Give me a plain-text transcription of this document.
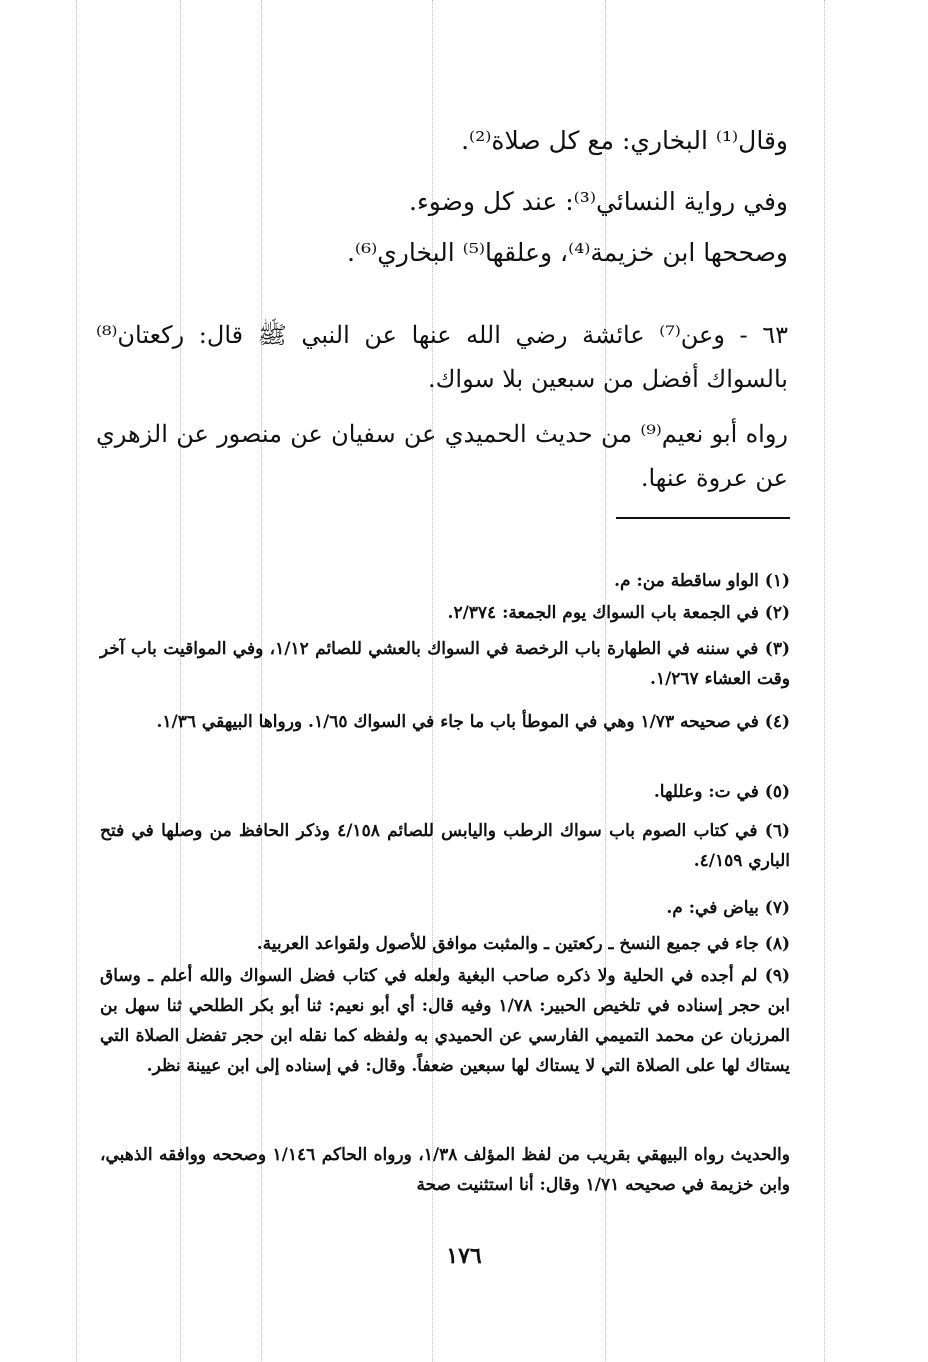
وقال⁽¹⁾ البخاري: مع كل صلاة⁽²⁾.
وفي رواية النسائي⁽³⁾: عند كل وضوء.
وصححها ابن خزيمة⁽⁴⁾، وعلقها⁽⁵⁾ البخاري⁽⁶⁾.
٦٣ - وعن⁽⁷⁾ عائشة رضي الله عنها عن النبي ﷺ قال: ركعتان⁽⁸⁾ بالسواك أفضل من سبعين بلا سواك.
رواه أبو نعيم⁽⁹⁾ من حديث الحميدي عن سفيان عن منصور عن الزهري عن عروة عنها.
(١) الواو ساقطة من: م.
(٢) في الجمعة باب السواك يوم الجمعة: ٢/٣٧٤.
(٣) في سننه في الطهارة باب الرخصة في السواك بالعشي للصائم ١/١٢، وفي المواقيت باب آخر وقت العشاء ١/٢٦٧.
(٤) في صحيحه ١/٧٣ وهي في الموطأ باب ما جاء في السواك ١/٦٥. ورواها البيهقي ١/٣٦.
(٥) في ت: وعللها.
(٦) في كتاب الصوم باب سواك الرطب واليابس للصائم ٤/١٥٨ وذكر الحافظ من وصلها في فتح الباري ٤/١٥٩.
(٧) بياض في: م.
(٨) جاء في جميع النسخ ـ ركعتين ـ والمثبت موافق للأصول ولقواعد العربية.
(٩) لم أجده في الحلية ولا ذكره صاحب البغية ولعله في كتاب فضل السواك والله أعلم ـ وساق ابن حجر إسناده في تلخيص الحبير: ١/٧٨ وفيه قال: أي أبو نعيم: ثنا أبو بكر الطلحي ثنا سهل بن المرزبان عن محمد التميمي الفارسي عن الحميدي به ولفظه كما نقله ابن حجر تفضل الصلاة التي يستاك لها على الصلاة التي لا يستاك لها سبعين ضعفاً. وقال: في إسناده إلى ابن عيينة نظر.
والحديث رواه البيهقي بقريب من لفظ المؤلف ١/٣٨، ورواه الحاكم ١/١٤٦ وصححه ووافقه الذهبي، وابن خزيمة في صحيحه ١/٧١ وقال: أنا استثنيت صحة
١٧٦
